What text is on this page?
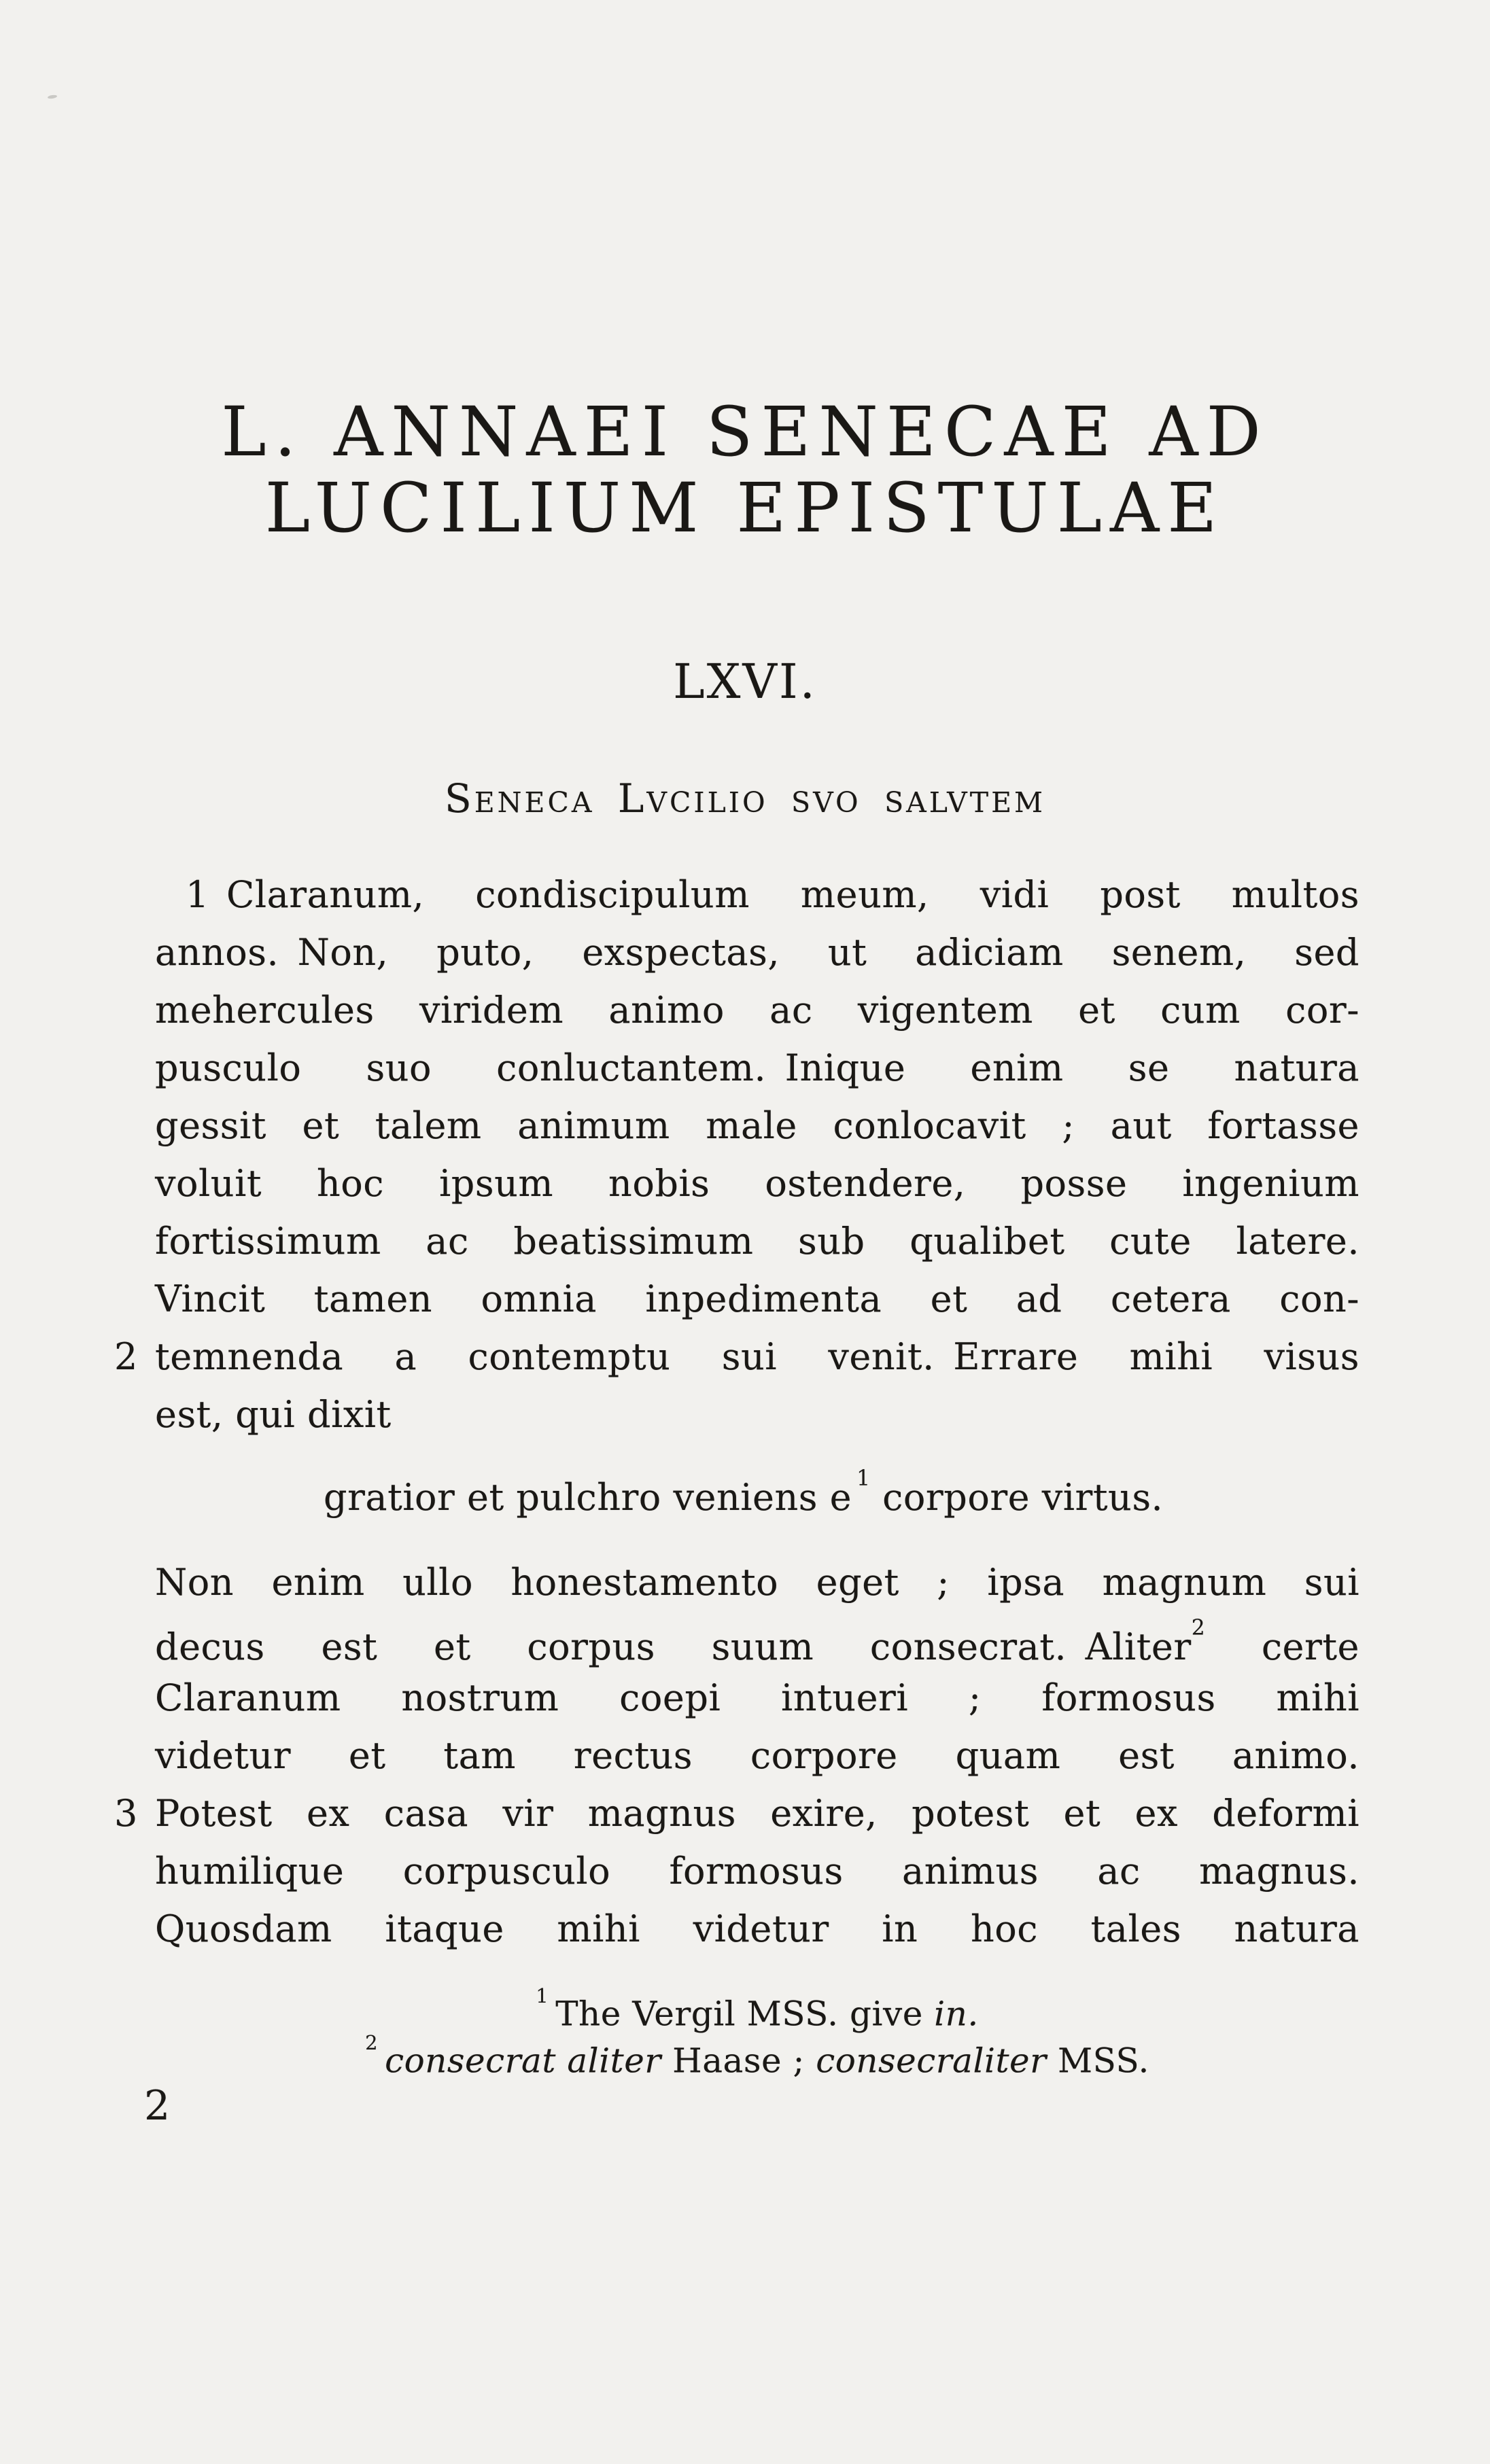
L. ANNAEI SENECAE AD
LUCILIUM EPISTULAE
LXVI.
Seneca Lvcilio svo salvtem
1 Claranum, condiscipulum meum, vidi post multos
annos. Non, puto, exspectas, ut adiciam senem, sed
mehercules viridem animo ac vigentem et cum cor-
pusculo suo conluctantem. Inique enim se natura
gessit et talem animum male conlocavit ; aut fortasse
voluit hoc ipsum nobis ostendere, posse ingenium
fortissimum ac beatissimum sub qualibet cute latere.
Vincit tamen omnia inpedimenta et ad cetera con-
2 temnenda a contemptu sui venit. Errare mihi visus
est, qui dixit
gratior et pulchro veniens e $^1$ corpore virtus.
Non enim ullo honestamento eget ; ipsa magnum sui
decus est et corpus suum consecrat. Aliter$^2$ certe
Claranum nostrum coepi intueri ; formosus mihi
videtur et tam rectus corpore quam est animo.
3 Potest ex casa vir magnus exire, potest et ex deformi
humilique corpusculo formosus animus ac magnus.
Quosdam itaque mihi videtur in hoc tales natura
$^1$ The Vergil MSS. give in.
$^2$ consecrat aliter Haase ; consecraliter MSS.
2
